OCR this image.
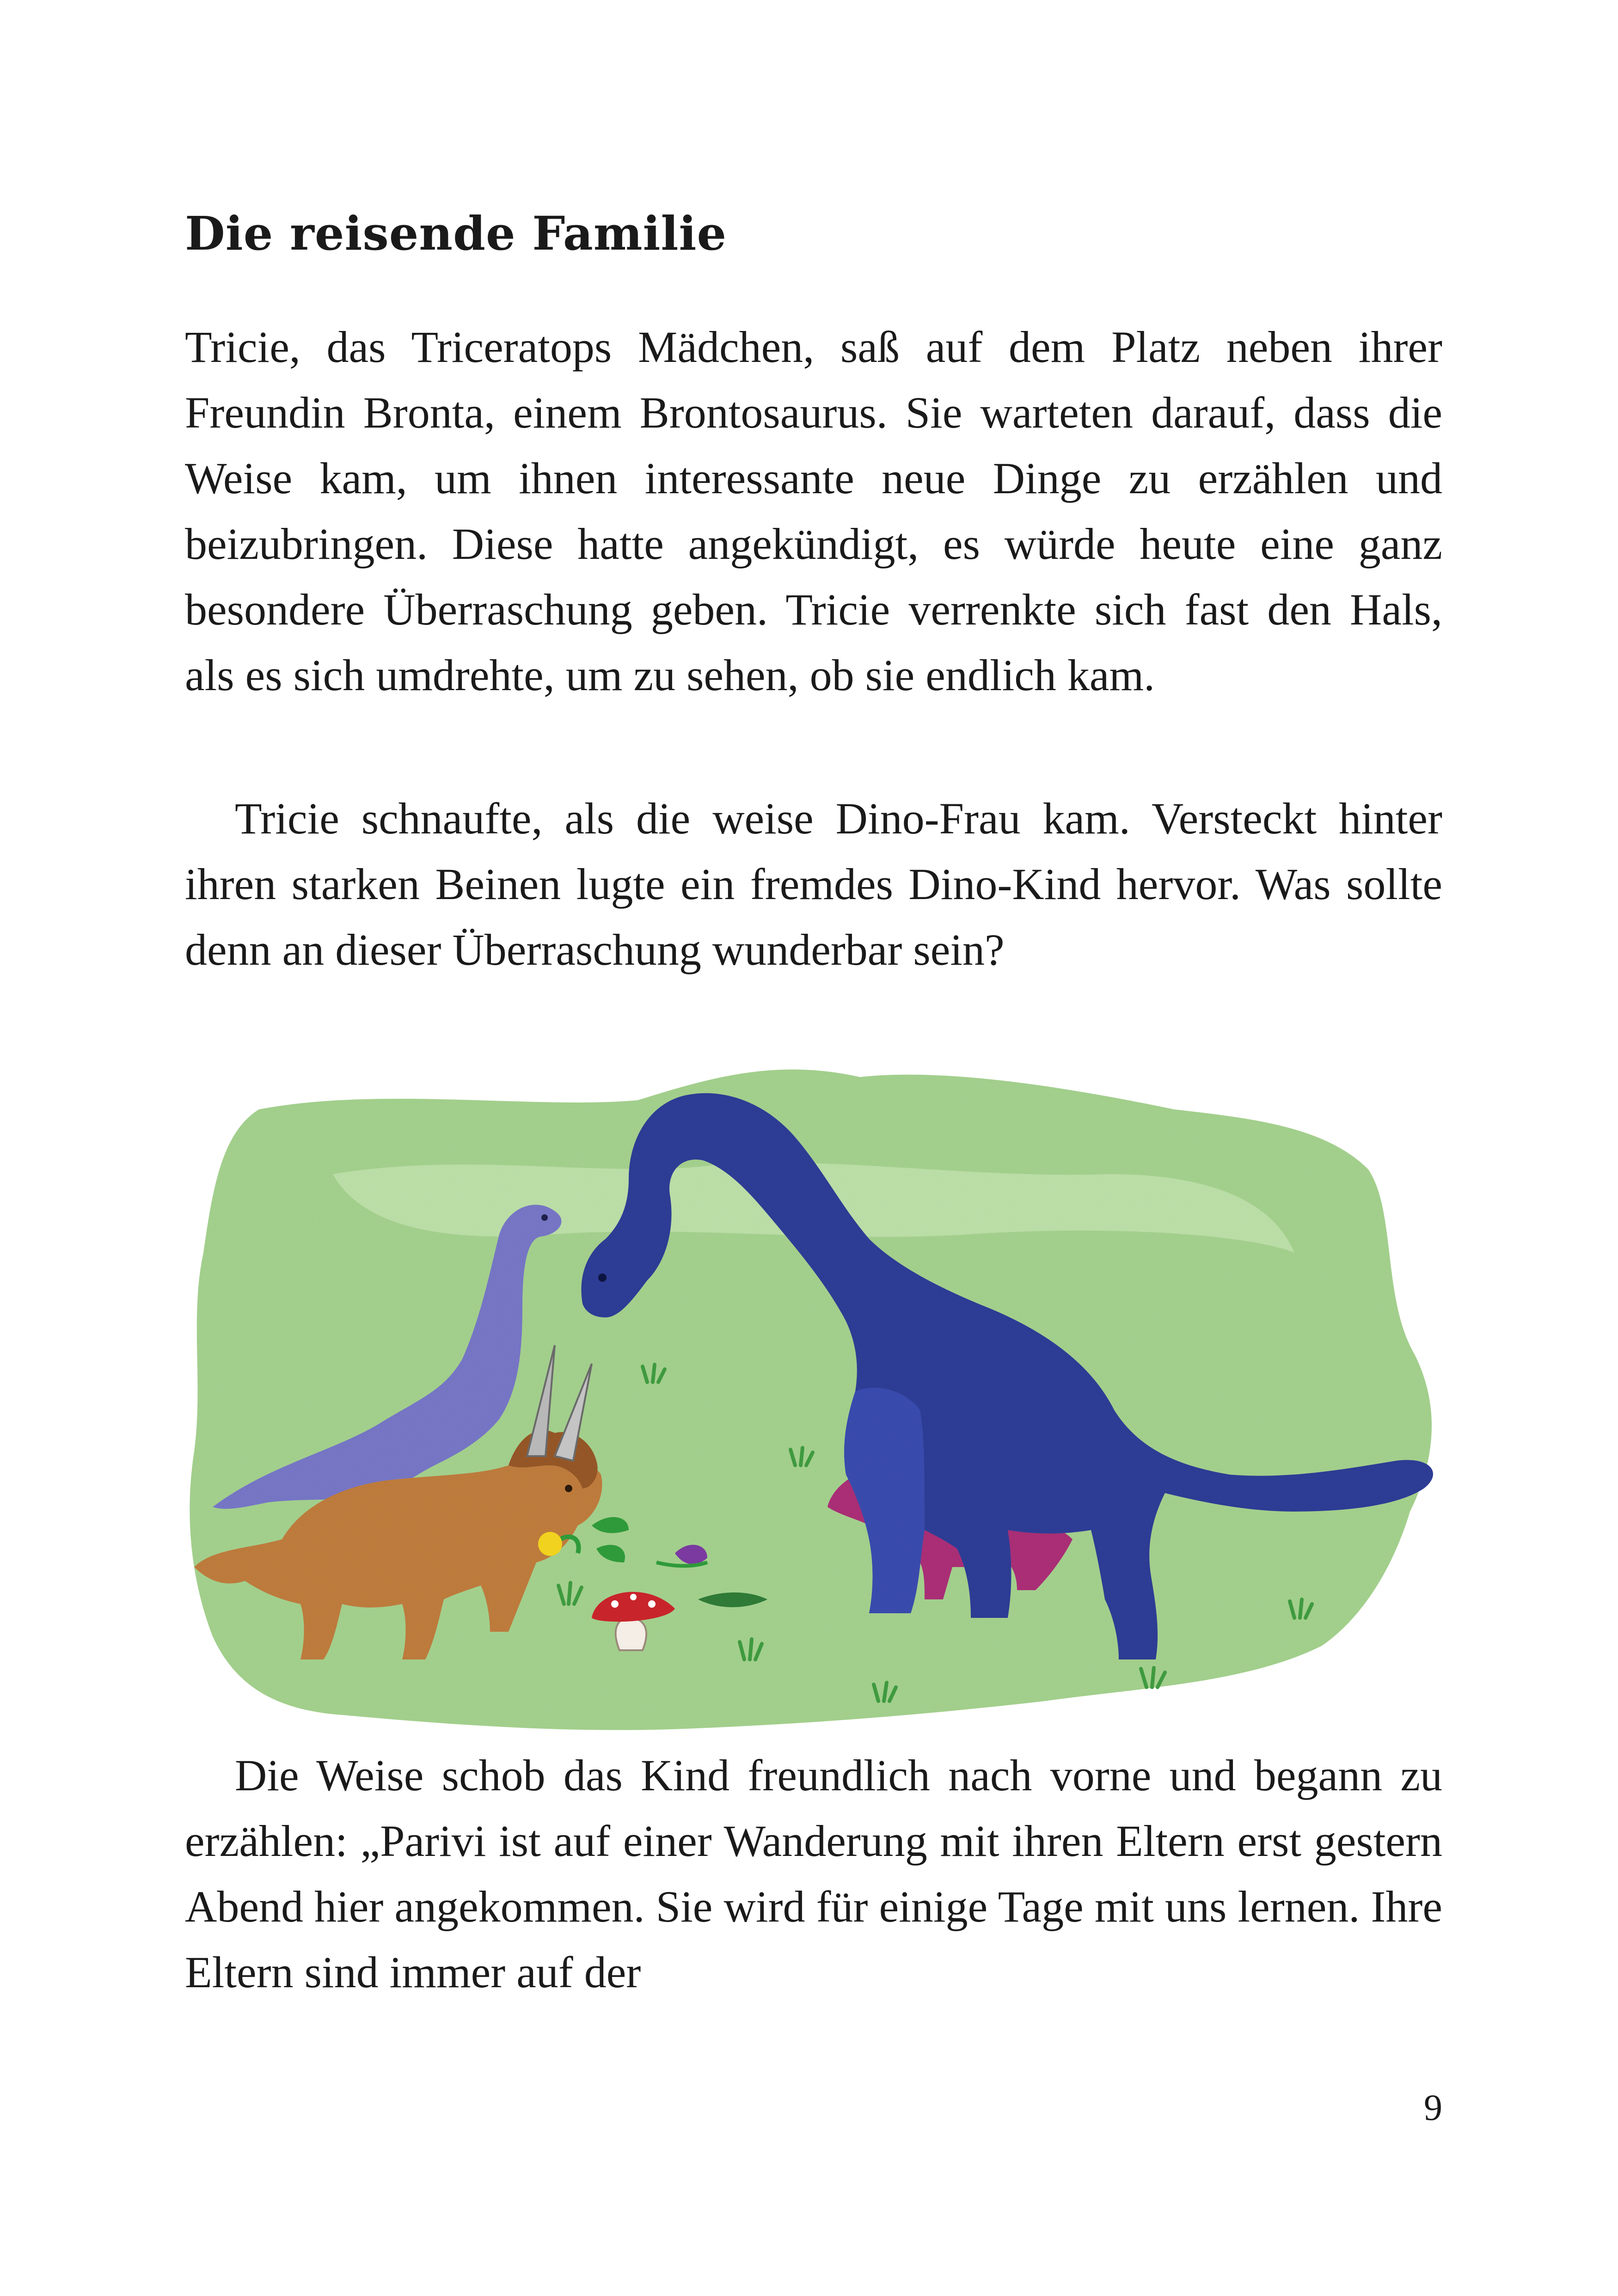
Die reisende Familie

Tricie, das Triceratops Mädchen, saß auf dem Platz neben ihrer Freundin Bronta, einem Brontosaurus. Sie warteten darauf, dass die Weise kam, um ihnen interessante neue Dinge zu erzählen und beizubringen. Diese hatte angekündigt, es würde heute eine ganz besondere Überraschung geben. Tricie verrenkte sich fast den Hals, als es sich umdrehte, um zu sehen, ob sie endlich kam.

Tricie schnaufte, als die weise Dino-Frau kam. Versteckt hinter ihren starken Beinen lugte ein fremdes Dino-Kind hervor. Was sollte denn an dieser Überraschung wunderbar sein?

Die Weise schob das Kind freundlich nach vorne und begann zu erzählen: „Parivi ist auf einer Wanderung mit ihren Eltern erst gestern Abend hier angekommen. Sie wird für einige Tage mit uns lernen. Ihre Eltern sind immer auf der

9
